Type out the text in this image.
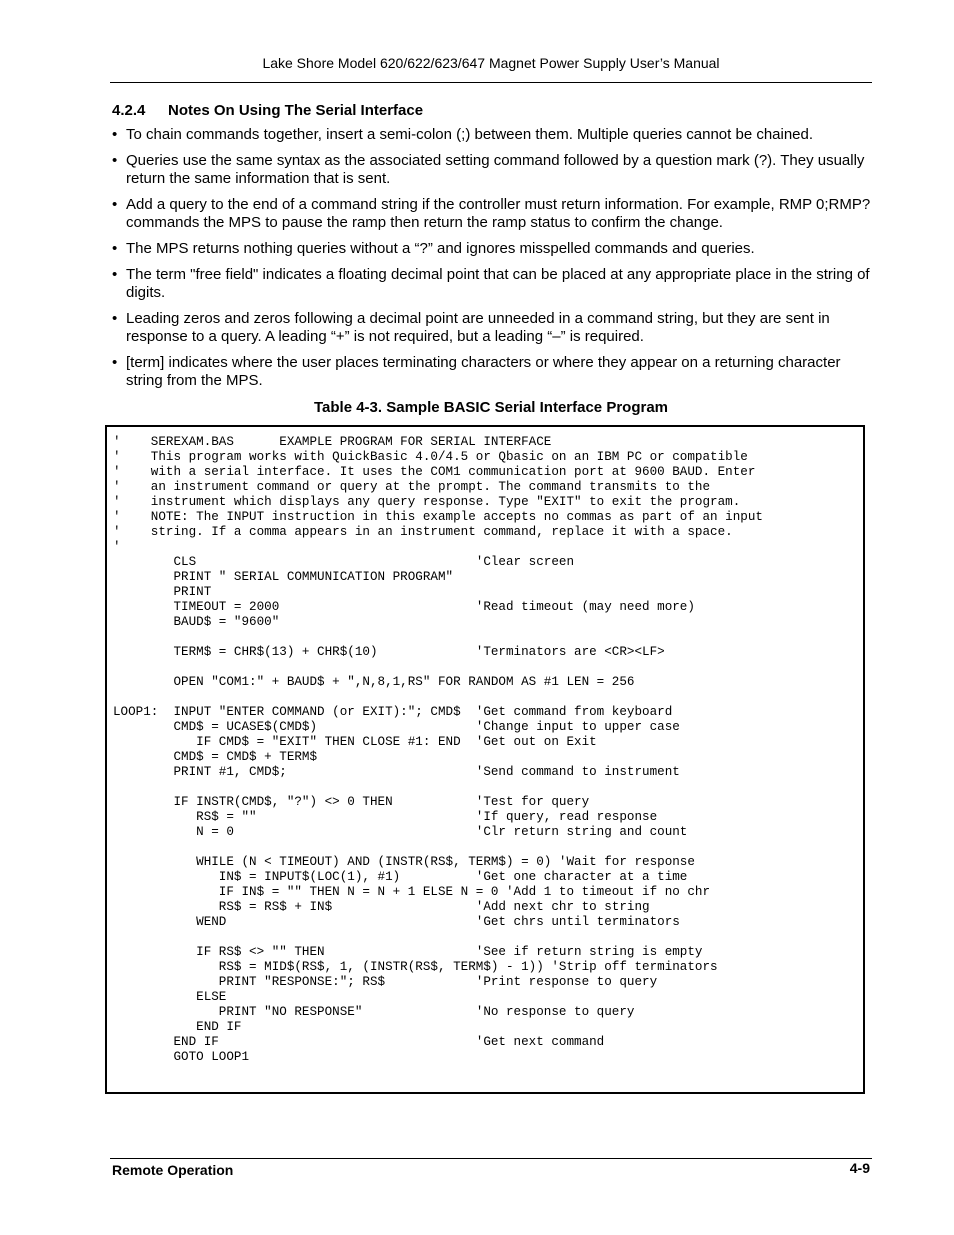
Lake Shore Model 620/622/623/647 Magnet Power Supply User’s Manual
4.2.4 Notes On Using The Serial Interface
• To chain commands together, insert a semi-colon (;) between them. Multiple queries cannot be chained.
• Queries use the same syntax as the associated setting command followed by a question mark (?). They usually return the same information that is sent.
• Add a query to the end of a command string if the controller must return information. For example, RMP 0;RMP? commands the MPS to pause the ramp then return the ramp status to confirm the change.
• The MPS returns nothing queries without a “?” and ignores misspelled commands and queries.
• The term "free field" indicates a floating decimal point that can be placed at any appropriate place in the string of digits.
• Leading zeros and zeros following a decimal point are unneeded in a command string, but they are sent in response to a query. A leading “+” is not required, but a leading “–” is required.
• [term] indicates where the user places terminating characters or where they appear on a returning character string from the MPS.
Table 4-3. Sample BASIC Serial Interface Program
'    SEREXAM.BAS      EXAMPLE PROGRAM FOR SERIAL INTERFACE
'    This program works with QuickBasic 4.0/4.5 or Qbasic on an IBM PC or compatible
'    with a serial interface. It uses the COM1 communication port at 9600 BAUD. Enter
'    an instrument command or query at the prompt. The command transmits to the
'    instrument which displays any query response. Type "EXIT" to exit the program.
'    NOTE: The INPUT instruction in this example accepts no commas as part of an input
'    string. If a comma appears in an instrument command, replace it with a space.
'
CLS                                     'Clear screen
PRINT " SERIAL COMMUNICATION PROGRAM"
PRINT
TIMEOUT = 2000                          'Read timeout (may need more)
BAUD$ = "9600"

TERM$ = CHR$(13) + CHR$(10)             'Terminators are <CR><LF>

OPEN "COM1:" + BAUD$ + ",N,8,1,RS" FOR RANDOM AS #1 LEN = 256

LOOP1:  INPUT "ENTER COMMAND (or EXIT):"; CMD$  'Get command from keyboard
CMD$ = UCASE$(CMD$)                     'Change input to upper case
IF CMD$ = "EXIT" THEN CLOSE #1: END  'Get out on Exit
CMD$ = CMD$ + TERM$
PRINT #1, CMD$;                         'Send command to instrument

IF INSTR(CMD$, "?") <> 0 THEN           'Test for query
RS$ = ""                             'If query, read response
N = 0                                'Clr return string and count

WHILE (N < TIMEOUT) AND (INSTR(RS$, TERM$) = 0) 'Wait for response
IN$ = INPUT$(LOC(1), #1)          'Get one character at a time
IF IN$ = "" THEN N = N + 1 ELSE N = 0 'Add 1 to timeout if no chr
RS$ = RS$ + IN$                   'Add next chr to string
WEND                                 'Get chrs until terminators

IF RS$ <> "" THEN                    'See if return string is empty
RS$ = MID$(RS$, 1, (INSTR(RS$, TERM$) - 1)) 'Strip off terminators
PRINT "RESPONSE:"; RS$            'Print response to query
ELSE
PRINT "NO RESPONSE"               'No response to query
END IF
END IF                                  'Get next command
GOTO LOOP1
Remote Operation	4-9
